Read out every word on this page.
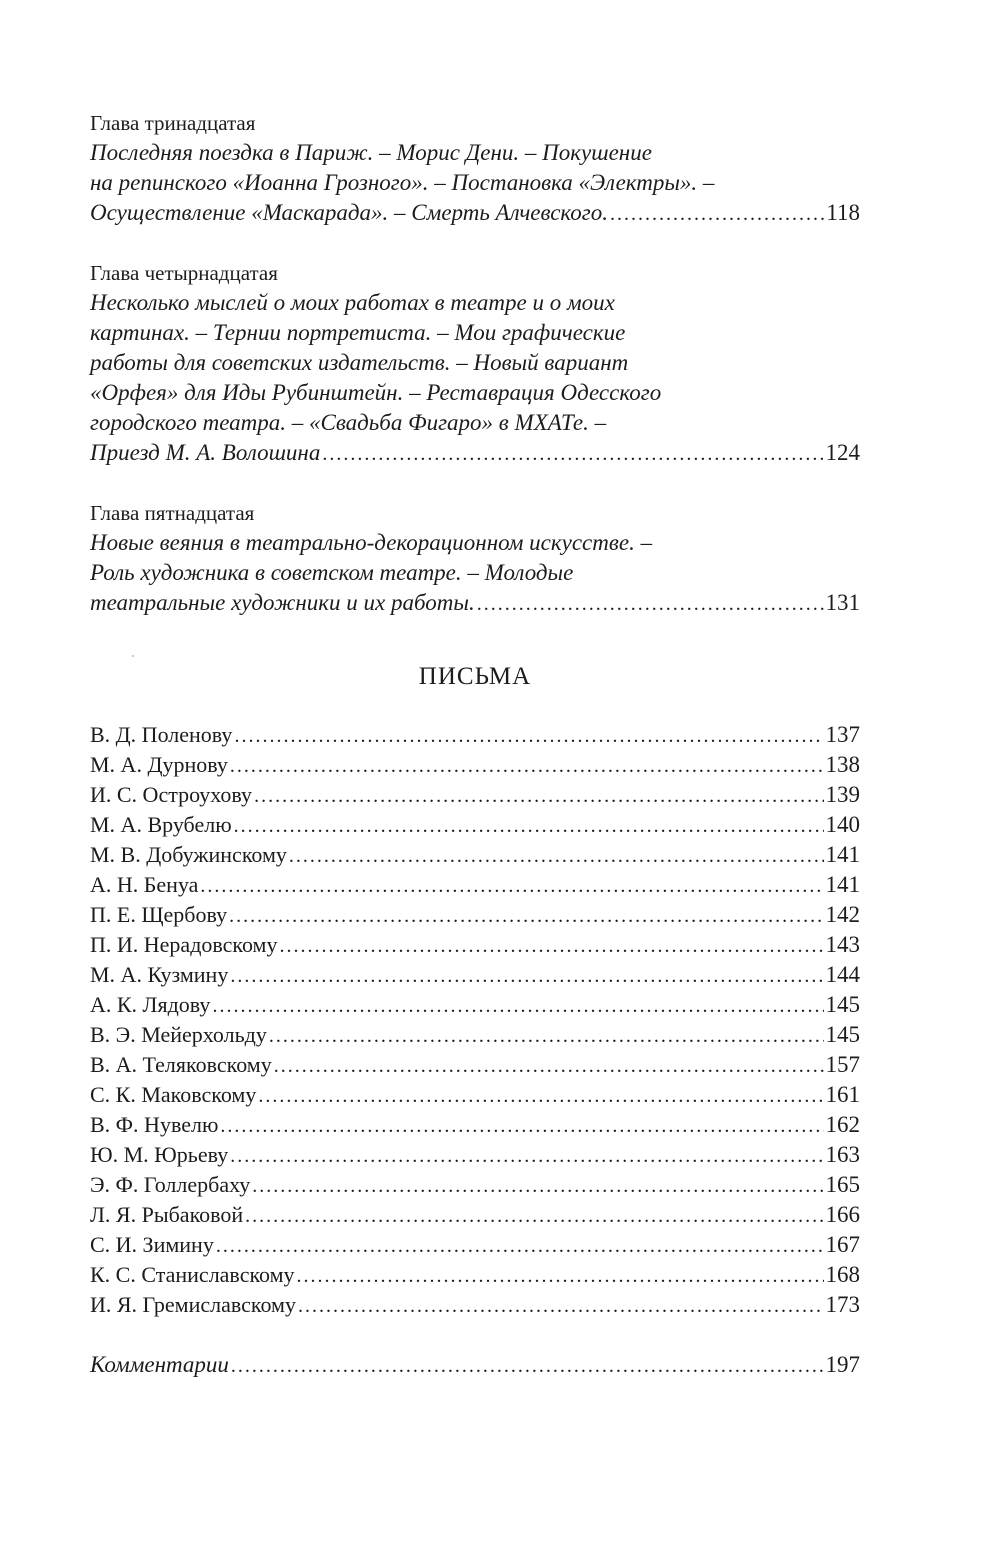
Глава тринадцатая
Последняя поездка в Париж. – Морис Дени. – Покушение
на репинского «Иоанна Грозного». – Постановка «Электры». –
Осуществление «Маскарада». – Смерть Алчевского. .....	118
Глава четырнадцатая
Несколько мыслей о моих работах в театре и о моих
картинах. – Тернии портретиста. – Мои графические
работы для советских издательств. – Новый вариант
«Орфея» для Иды Рубинштейн. – Реставрация Одесского
городского театра. – «Свадьба Фигаро» в МХАТе. –
Приезд М. А. Волошина .....	124
Глава пятнадцатая
Новые веяния в театрально-декорационном искусстве. –
Роль художника в советском театре. – Молодые
театральные художники и их работы. .....	131
ПИСЬМА
В. Д. Поленову .....	137
М. А. Дурнову .....	138
И. С. Остроухову .....	139
М. А. Врубелю .....	140
М. В. Добужинскому .....	141
А. Н. Бенуа .....	141
П. Е. Щербову .....	142
П. И. Нерадовскому .....	143
М. А. Кузмину .....	144
А. К. Лядову .....	145
В. Э. Мейерхольду .....	145
В. А. Теляковскому .....	157
С. К. Маковскому .....	161
В. Ф. Нувелю .....	162
Ю. М. Юрьеву .....	163
Э. Ф. Голлербаху .....	165
Л. Я. Рыбаковой .....	166
С. И. Зимину .....	167
К. С. Станиславскому .....	168
И. Я. Гремиславскому .....	173
Комментарии .....	197
